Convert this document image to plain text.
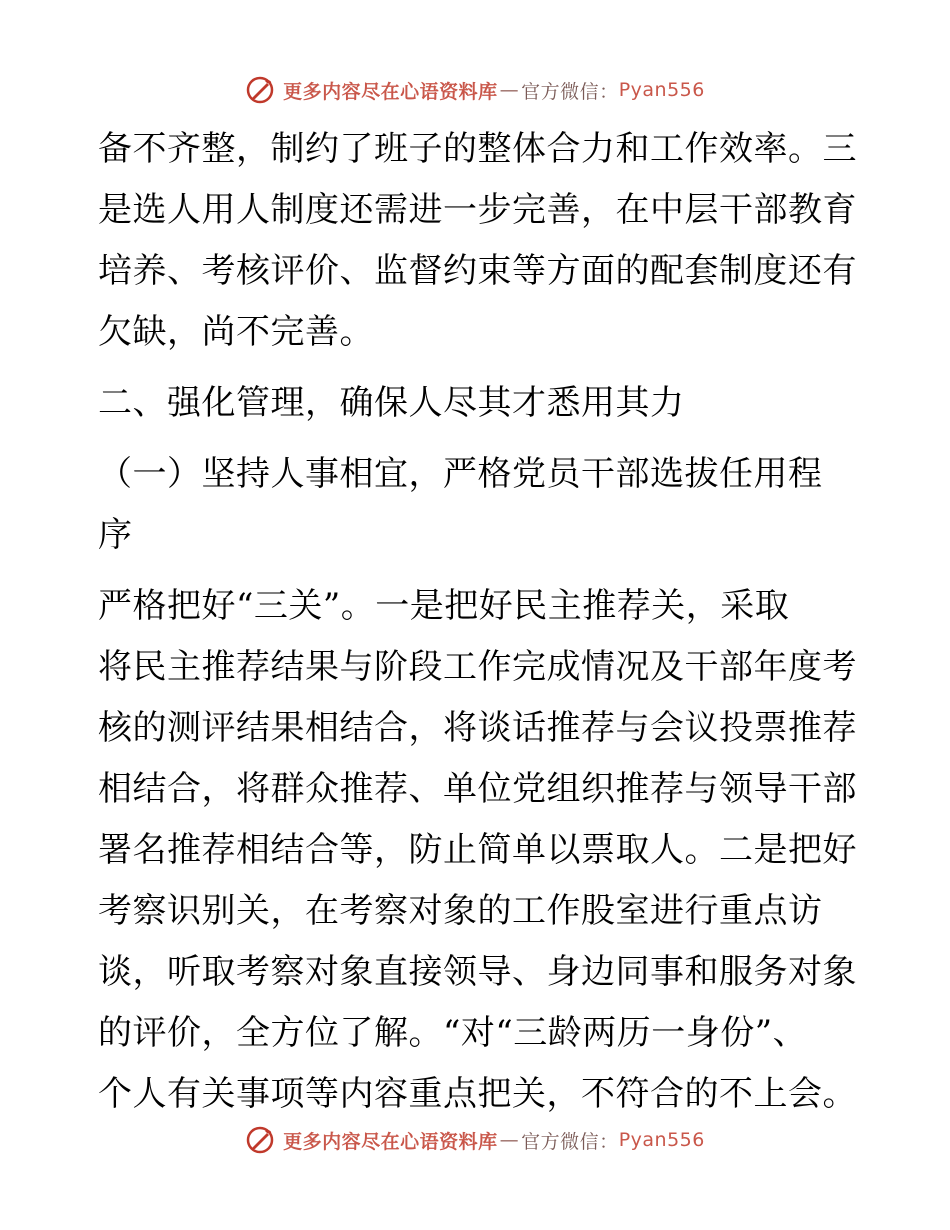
更多内容尽在心语资料库 — 官方微信： Pyan556
备不齐整，制约了班子的整体合力和工作效率。三
是选人用人制度还需进一步完善，在中层干部教育
培养、考核评价、监督约束等方面的配套制度还有
欠缺，尚不完善。
二、强化管理，确保人尽其才悉用其力
（一）坚持人事相宜，严格党员干部选拔任用程
序
严格把好“三关”。一是把好民主推荐关，采取
将民主推荐结果与阶段工作完成情况及干部年度考
核的测评结果相结合，将谈话推荐与会议投票推荐
相结合，将群众推荐、单位党组织推荐与领导干部
署名推荐相结合等，防止简单以票取人。二是把好
考察识别关，在考察对象的工作股室进行重点访
谈，听取考察对象直接领导、身边同事和服务对象
的评价，全方位了解。“对“三龄两历一身份”、
个人有关事项等内容重点把关，不符合的不上会。
更多内容尽在心语资料库 — 官方微信： Pyan556
